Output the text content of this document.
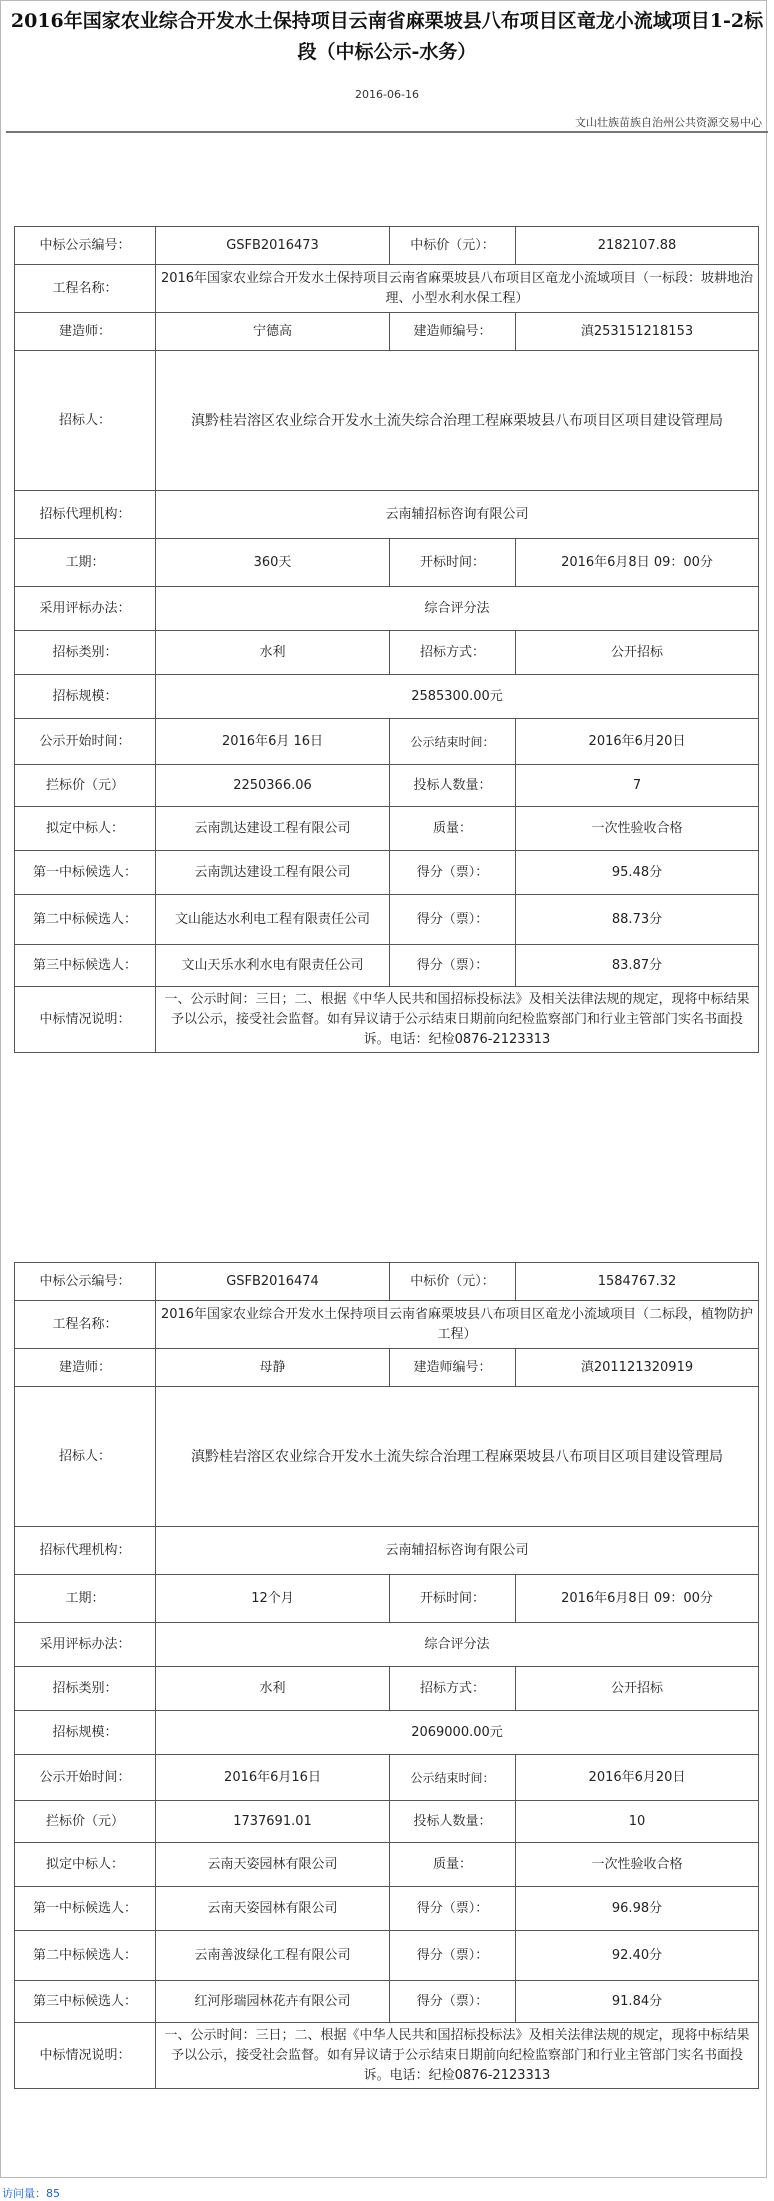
2016年国家农业综合开发水土保持项目云南省麻栗坡县八布项目区竜龙小流域项目1-2标段（中标公示-水务）
2016-06-16
文山壮族苗族自治州公共资源交易中心
中标公示编号：	GSFB2016473	中标价（元）：	2182107.88
工程名称：	2016年国家农业综合开发水土保持项目云南省麻栗坡县八布项目区竜龙小流域项目（一标段：坡耕地治理、小型水利水保工程）		
建造师：	宁德高	建造师编号：	滇253151218153
招标人：	滇黔桂岩溶区农业综合开发水土流失综合治理工程麻栗坡县八布项目区项目建设管理局		
招标代理机构：	云南辅招标咨询有限公司		
工期：	360天	开标时间：	2016年6月8日 09：00分
采用评标办法：	综合评分法		
招标类别：	水利	招标方式：	公开招标
招标规模：	2585300.00元		
公示开始时间：	2016年6月 16日	公示结束时间：	2016年6月20日
拦标价（元）	2250366.06	投标人数量：	7
拟定中标人：	云南凯达建设工程有限公司	质量：	一次性验收合格
第一中标候选人：	云南凯达建设工程有限公司	得分（票）：	95.48分
第二中标候选人：	文山能达水利电工程有限责任公司	得分（票）：	88.73分
第三中标候选人：	文山天乐水利水电有限责任公司	得分（票）：	83.87分
中标情况说明：	一、公示时间：三日；二、根据《中华人民共和国招标投标法》及相关法律法规的规定，现将中标结果予以公示，接受社会监督。如有异议请于公示结束日期前向纪检监察部门和行业主管部门实名书面投诉。电话：纪检0876-2123313		
中标公示编号：	GSFB2016474	中标价（元）：	1584767.32
工程名称：	2016年国家农业综合开发水土保持项目云南省麻栗坡县八布项目区竜龙小流域项目（二标段，植物防护工程）		
建造师：	母静	建造师编号：	滇201121320919
招标人：	滇黔桂岩溶区农业综合开发水土流失综合治理工程麻栗坡县八布项目区项目建设管理局		
招标代理机构：	云南辅招标咨询有限公司		
工期：	12个月	开标时间：	2016年6月8日 09：00分
采用评标办法：	综合评分法		
招标类别：	水利	招标方式：	公开招标
招标规模：	2069000.00元		
公示开始时间：	2016年6月16日	公示结束时间：	2016年6月20日
拦标价（元）	1737691.01	投标人数量：	10
拟定中标人：	云南天姿园林有限公司	质量：	一次性验收合格
第一中标候选人：	云南天姿园林有限公司	得分（票）：	96.98分
第二中标候选人：	云南善波绿化工程有限公司	得分（票）：	92.40分
第三中标候选人：	红河彤瑞园林花卉有限公司	得分（票）：	91.84分
中标情况说明：	一、公示时间：三日；二、根据《中华人民共和国招标投标法》及相关法律法规的规定，现将中标结果予以公示，接受社会监督。如有异议请于公示结束日期前向纪检监察部门和行业主管部门实名书面投诉。电话：纪检0876-2123313		
访问量：85
